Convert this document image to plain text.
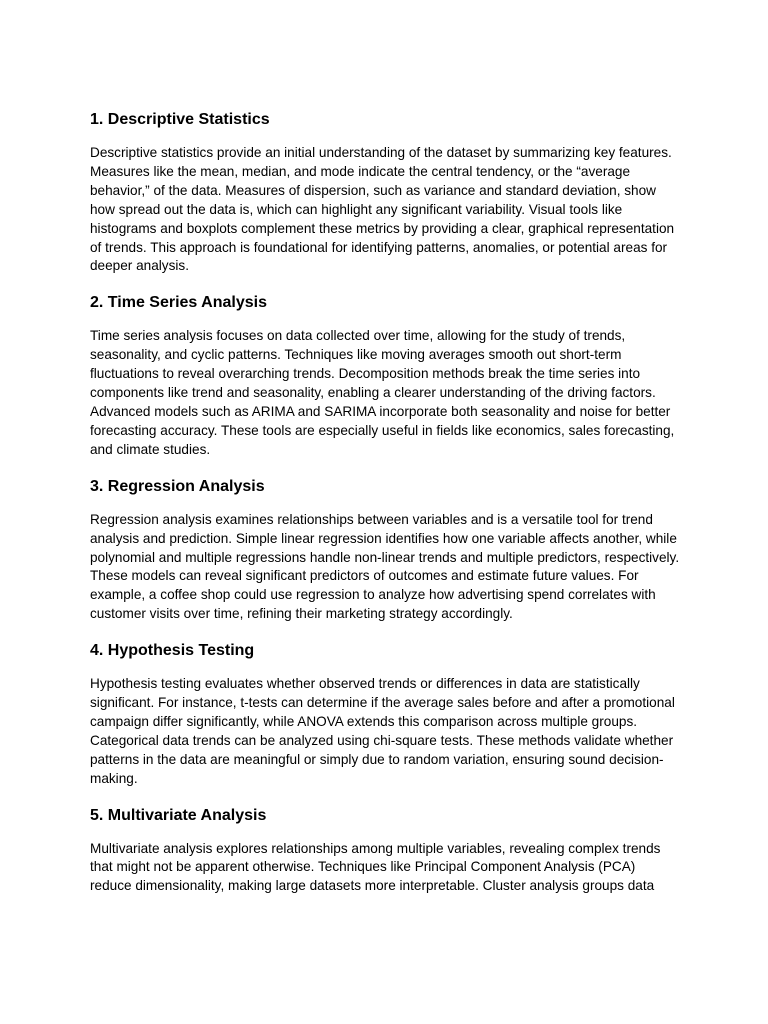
1. Descriptive Statistics

Descriptive statistics provide an initial understanding of the dataset by summarizing key features. Measures like the mean, median, and mode indicate the central tendency, or the “average behavior,” of the data. Measures of dispersion, such as variance and standard deviation, show how spread out the data is, which can highlight any significant variability. Visual tools like histograms and boxplots complement these metrics by providing a clear, graphical representation of trends. This approach is foundational for identifying patterns, anomalies, or potential areas for deeper analysis.

2. Time Series Analysis

Time series analysis focuses on data collected over time, allowing for the study of trends, seasonality, and cyclic patterns. Techniques like moving averages smooth out short-term fluctuations to reveal overarching trends. Decomposition methods break the time series into components like trend and seasonality, enabling a clearer understanding of the driving factors. Advanced models such as ARIMA and SARIMA incorporate both seasonality and noise for better forecasting accuracy. These tools are especially useful in fields like economics, sales forecasting, and climate studies.

3. Regression Analysis

Regression analysis examines relationships between variables and is a versatile tool for trend analysis and prediction. Simple linear regression identifies how one variable affects another, while polynomial and multiple regressions handle non-linear trends and multiple predictors, respectively. These models can reveal significant predictors of outcomes and estimate future values. For example, a coffee shop could use regression to analyze how advertising spend correlates with customer visits over time, refining their marketing strategy accordingly.

4. Hypothesis Testing

Hypothesis testing evaluates whether observed trends or differences in data are statistically significant. For instance, t-tests can determine if the average sales before and after a promotional campaign differ significantly, while ANOVA extends this comparison across multiple groups. Categorical data trends can be analyzed using chi-square tests. These methods validate whether patterns in the data are meaningful or simply due to random variation, ensuring sound decision-making.

5. Multivariate Analysis

Multivariate analysis explores relationships among multiple variables, revealing complex trends that might not be apparent otherwise. Techniques like Principal Component Analysis (PCA) reduce dimensionality, making large datasets more interpretable. Cluster analysis groups data
